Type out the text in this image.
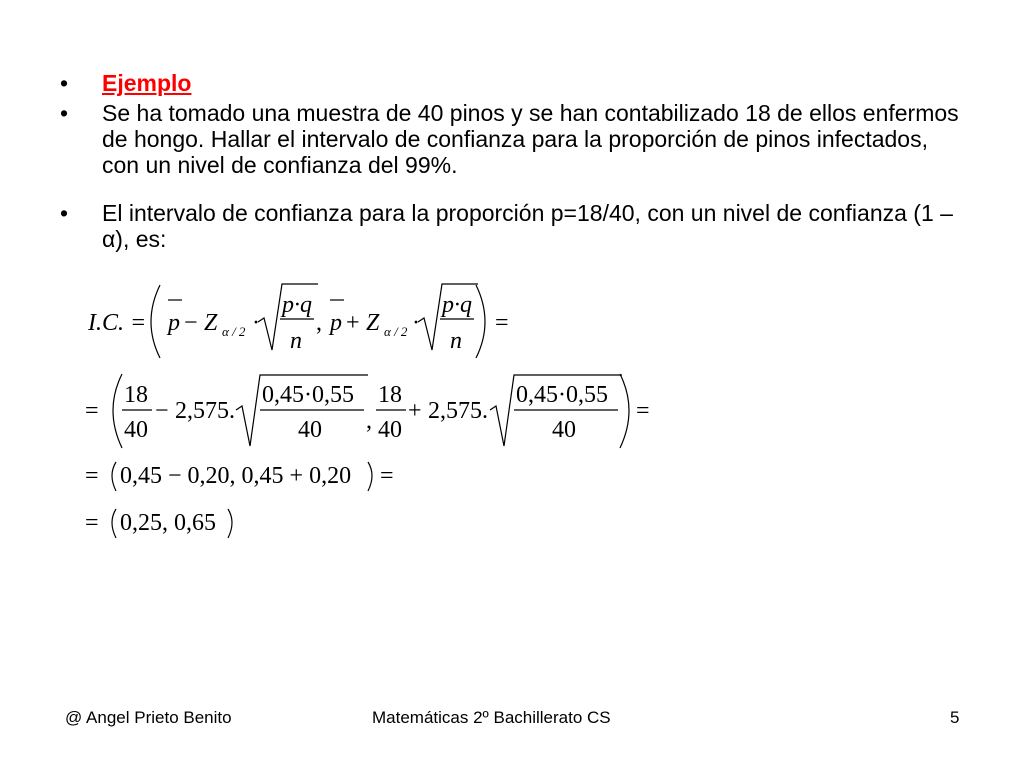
•	Ejemplo
•	Se ha tomado una muestra de 40 pinos y se han contabilizado 18 de ellos enfermos de hongo. Hallar el intervalo de confianza para la proporción de pinos infectados, con un nivel de confianza del 99%.
•	El intervalo de confianza para la proporción p=18/40, con un nivel de confianza (1 – α), es:
I.C. = p − Z α / 2 ·
p·q
n
, p + Z α / 2 ·
p·q
n
=
=
18
40
− 2,575.
0,45·0,55
40 ,
18
40
+ 2,575.
0,45·0,55
40
=
= 0,45 − 0,20, 0,45 + 0,20 =
= 0,25, 0,65
@ Angel Prieto Benito	Matemáticas 2º Bachillerato CS	5
